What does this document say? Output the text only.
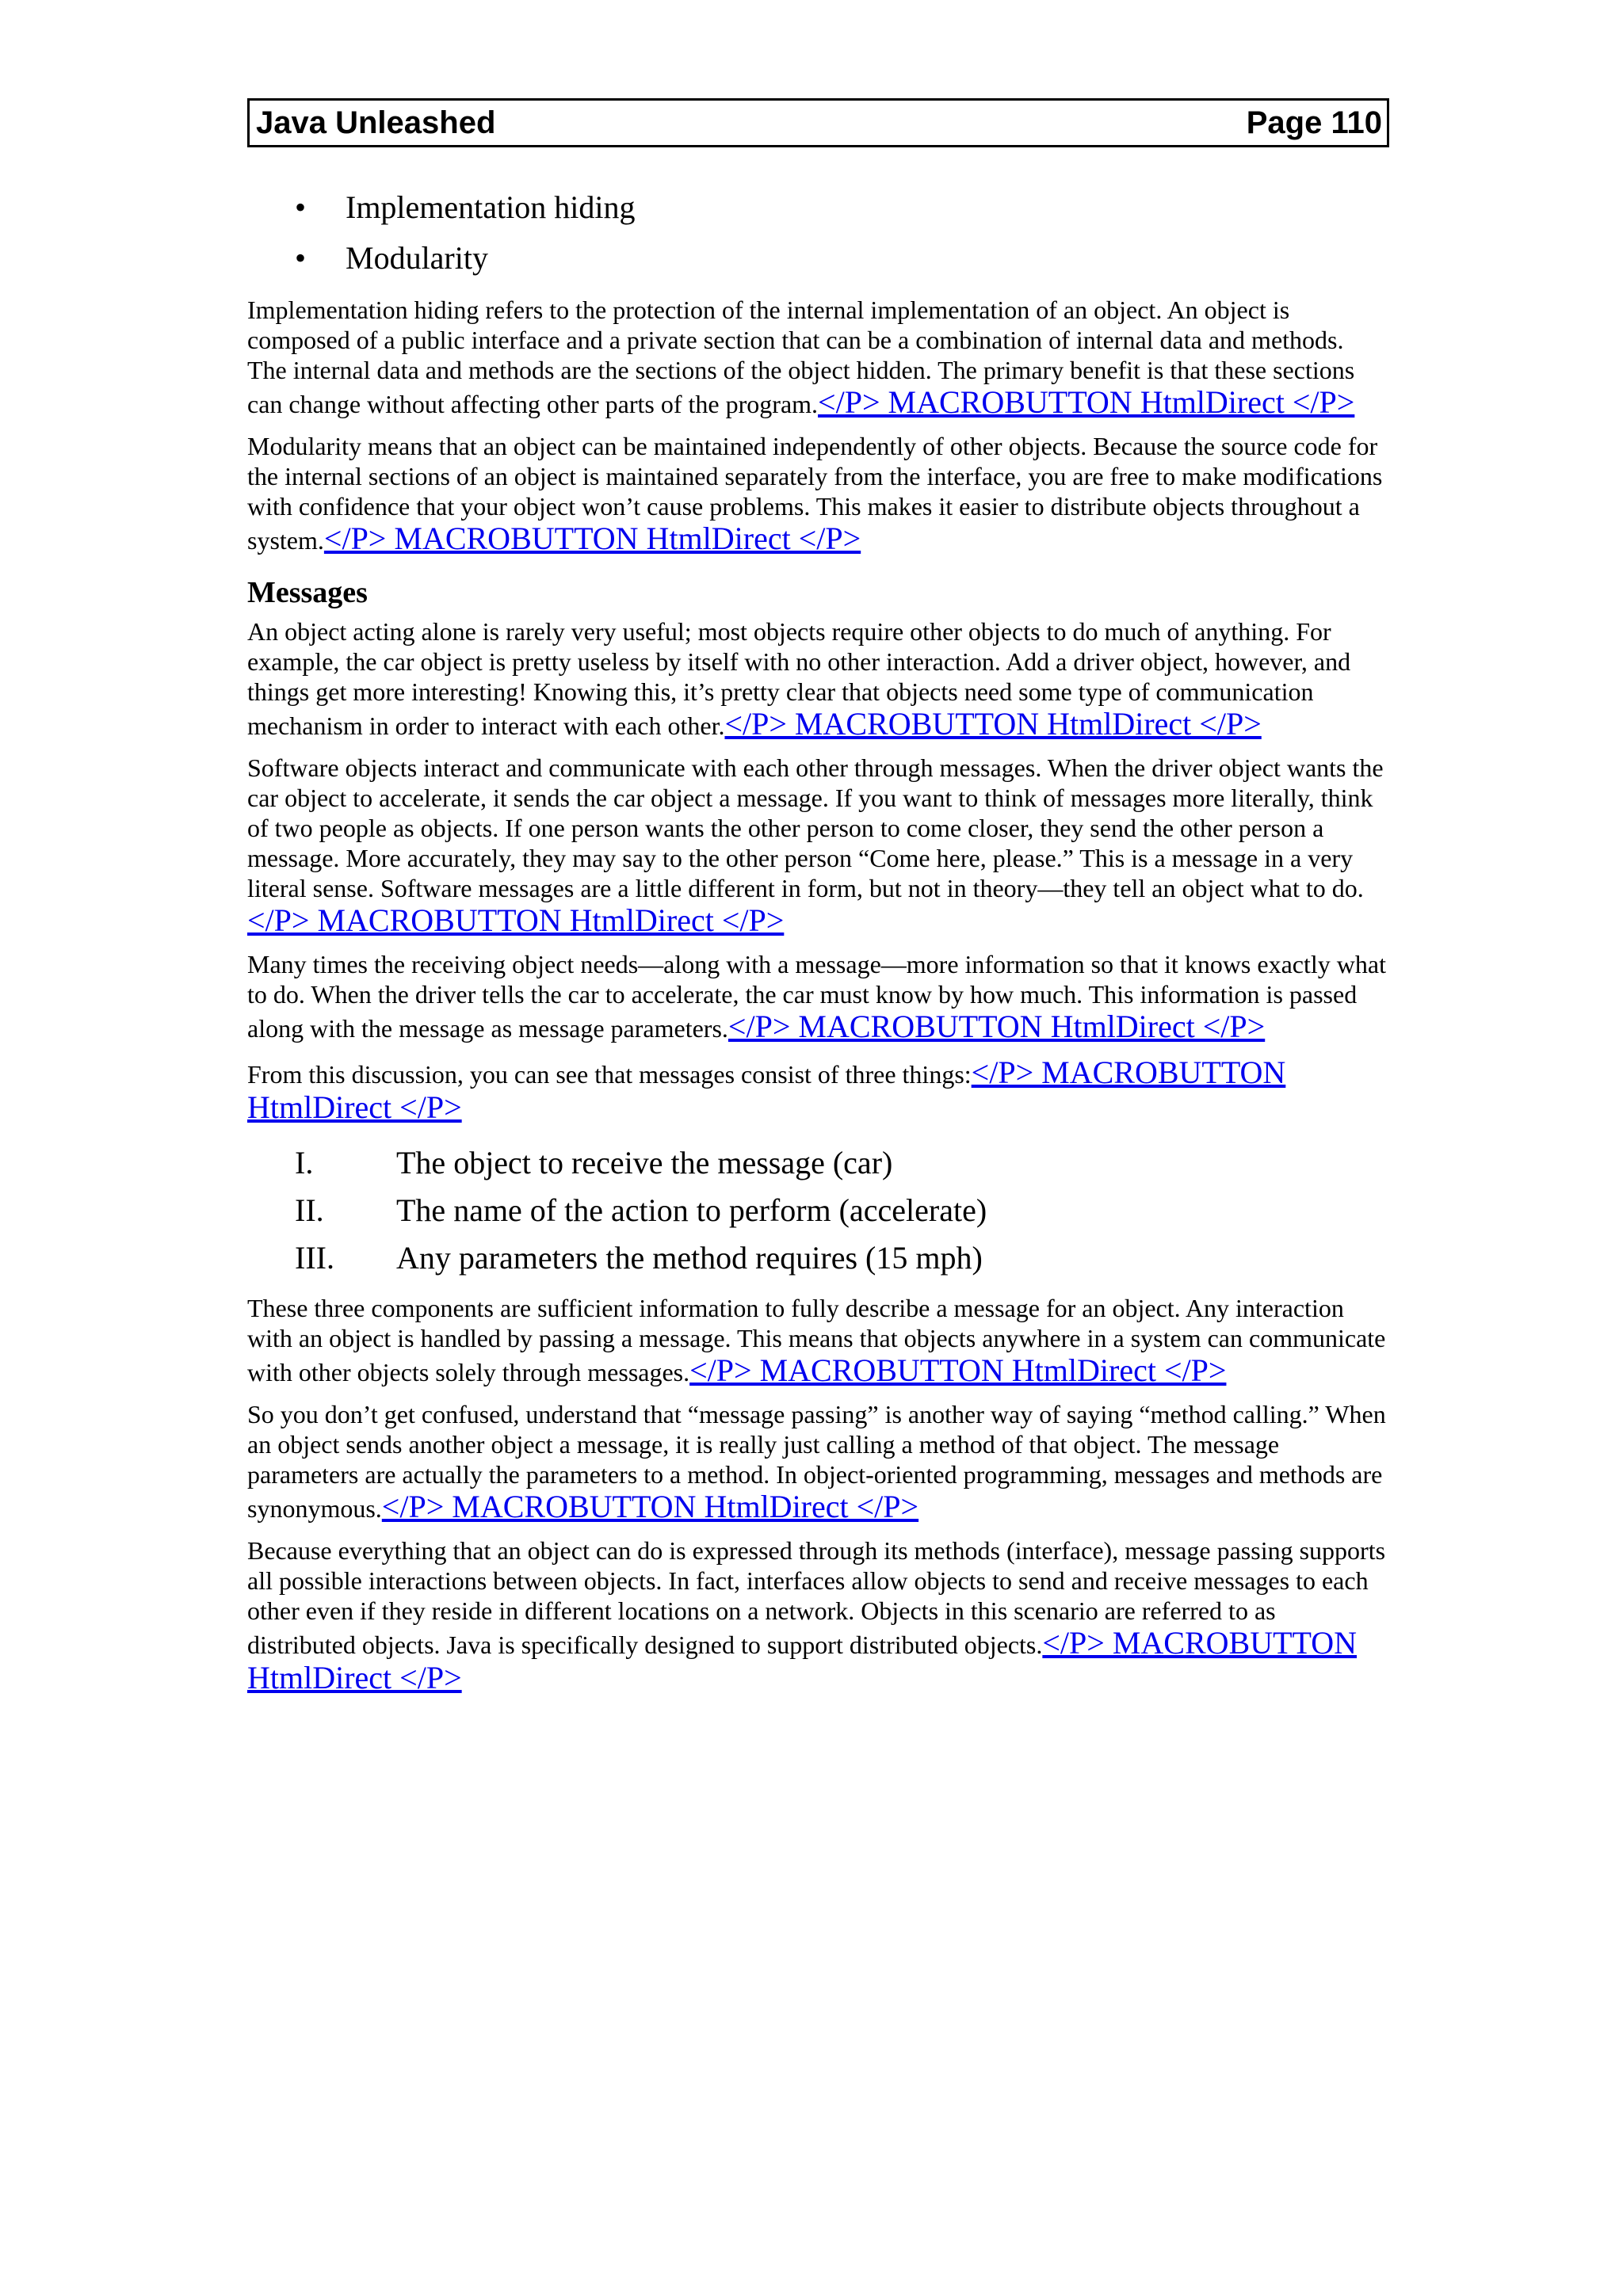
Java Unleashed	Page 110
• Implementation hiding
• Modularity

Implementation hiding refers to the protection of the internal implementation of an object. An object is composed of a public interface and a private section that can be a combination of internal data and methods. The internal data and methods are the sections of the object hidden. The primary benefit is that these sections can change without affecting other parts of the program.</P> MACROBUTTON HtmlDirect </P>

Modularity means that an object can be maintained independently of other objects. Because the source code for the internal sections of an object is maintained separately from the interface, you are free to make modifications with confidence that your object won’t cause problems. This makes it easier to distribute objects throughout a system.</P> MACROBUTTON HtmlDirect </P>

Messages

An object acting alone is rarely very useful; most objects require other objects to do much of anything. For example, the car object is pretty useless by itself with no other interaction. Add a driver object, however, and things get more interesting! Knowing this, it’s pretty clear that objects need some type of communication mechanism in order to interact with each other.</P> MACROBUTTON HtmlDirect </P>

Software objects interact and communicate with each other through messages. When the driver object wants the car object to accelerate, it sends the car object a message. If you want to think of messages more literally, think of two people as objects. If one person wants the other person to come closer, they send the other person a message. More accurately, they may say to the other person “Come here, please.” This is a message in a very literal sense. Software messages are a little different in form, but not in theory—they tell an object what to do.</P> MACROBUTTON HtmlDirect </P>

Many times the receiving object needs—along with a message—more information so that it knows exactly what to do. When the driver tells the car to accelerate, the car must know by how much. This information is passed along with the message as message parameters.</P> MACROBUTTON HtmlDirect </P>

From this discussion, you can see that messages consist of three things:</P> MACROBUTTON HtmlDirect </P>

I.	The object to receive the message (car)
II. The name of the action to perform (accelerate)
III. Any parameters the method requires (15 mph)

These three components are sufficient information to fully describe a message for an object. Any interaction with an object is handled by passing a message. This means that objects anywhere in a system can communicate with other objects solely through messages.</P> MACROBUTTON HtmlDirect </P>

So you don’t get confused, understand that “message passing” is another way of saying “method calling.” When an object sends another object a message, it is really just calling a method of that object. The message parameters are actually the parameters to a method. In object-oriented programming, messages and methods are synonymous.</P> MACROBUTTON HtmlDirect </P>

Because everything that an object can do is expressed through its methods (interface), message passing supports all possible interactions between objects. In fact, interfaces allow objects to send and receive messages to each other even if they reside in different locations on a network. Objects in this scenario are referred to as distributed objects. Java is specifically designed to support distributed objects.</P> MACROBUTTON HtmlDirect </P>
